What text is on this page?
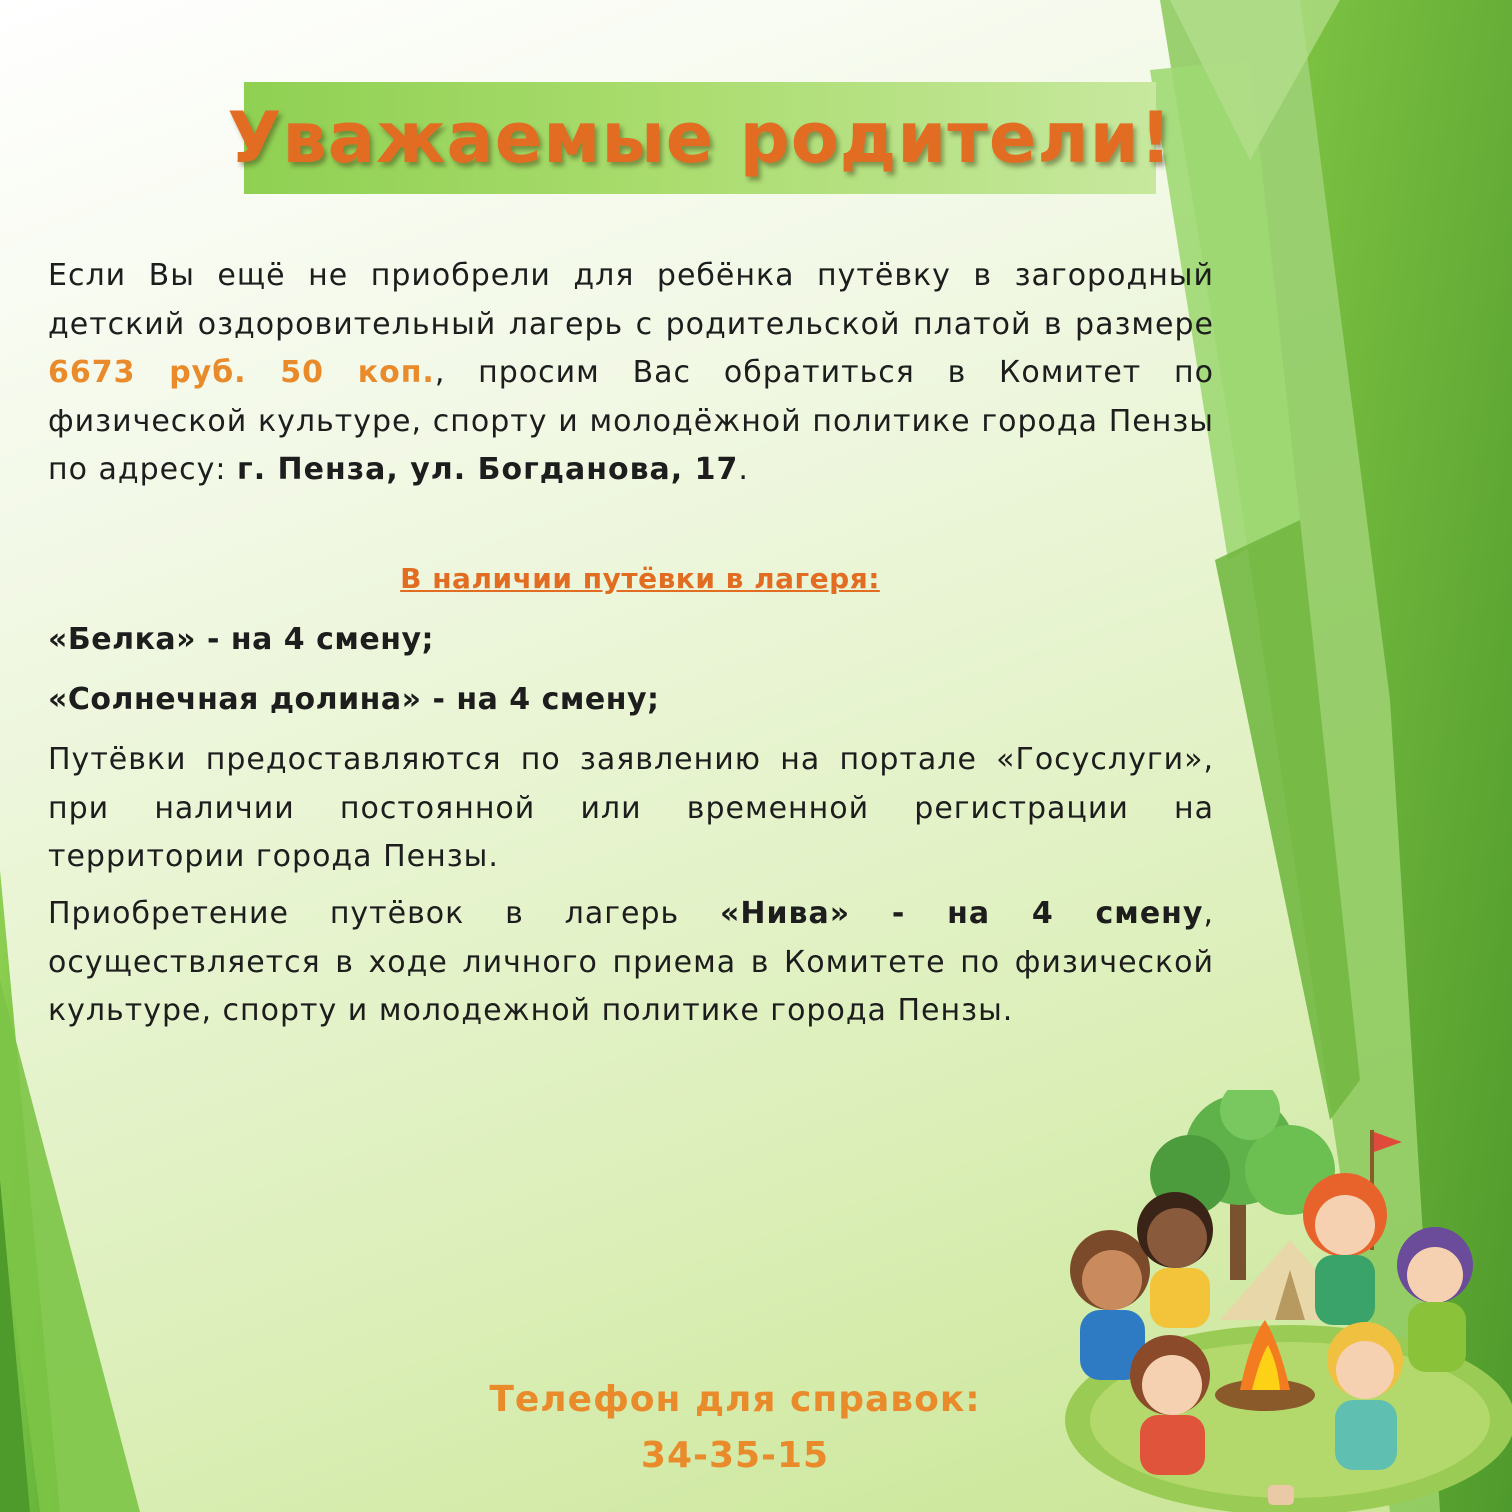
Уважаемые родители!
Если Вы ещё не приобрели для ребёнка путёвку в загородный детский оздоровительный лагерь с родительской платой в размере 6673 руб. 50 коп., просим Вас обратиться в Комитет по физической культуре, спорту и молодёжной политике города Пензы по адресу: г. Пенза, ул. Богданова, 17.
В наличии путёвки в лагеря:
«Белка» - на 4 смену;
«Солнечная долина» - на 4 смену;
Путёвки предоставляются по заявлению на портале «Госуслуги», при наличии постоянной или временной регистрации на территории города Пензы.
Приобретение путёвок в лагерь «Нива» - на 4 смену, осуществляется в ходе личного приема в Комитете по физической культуре, спорту и молодежной политике города Пензы.
Телефон для справок:
34-35-15
